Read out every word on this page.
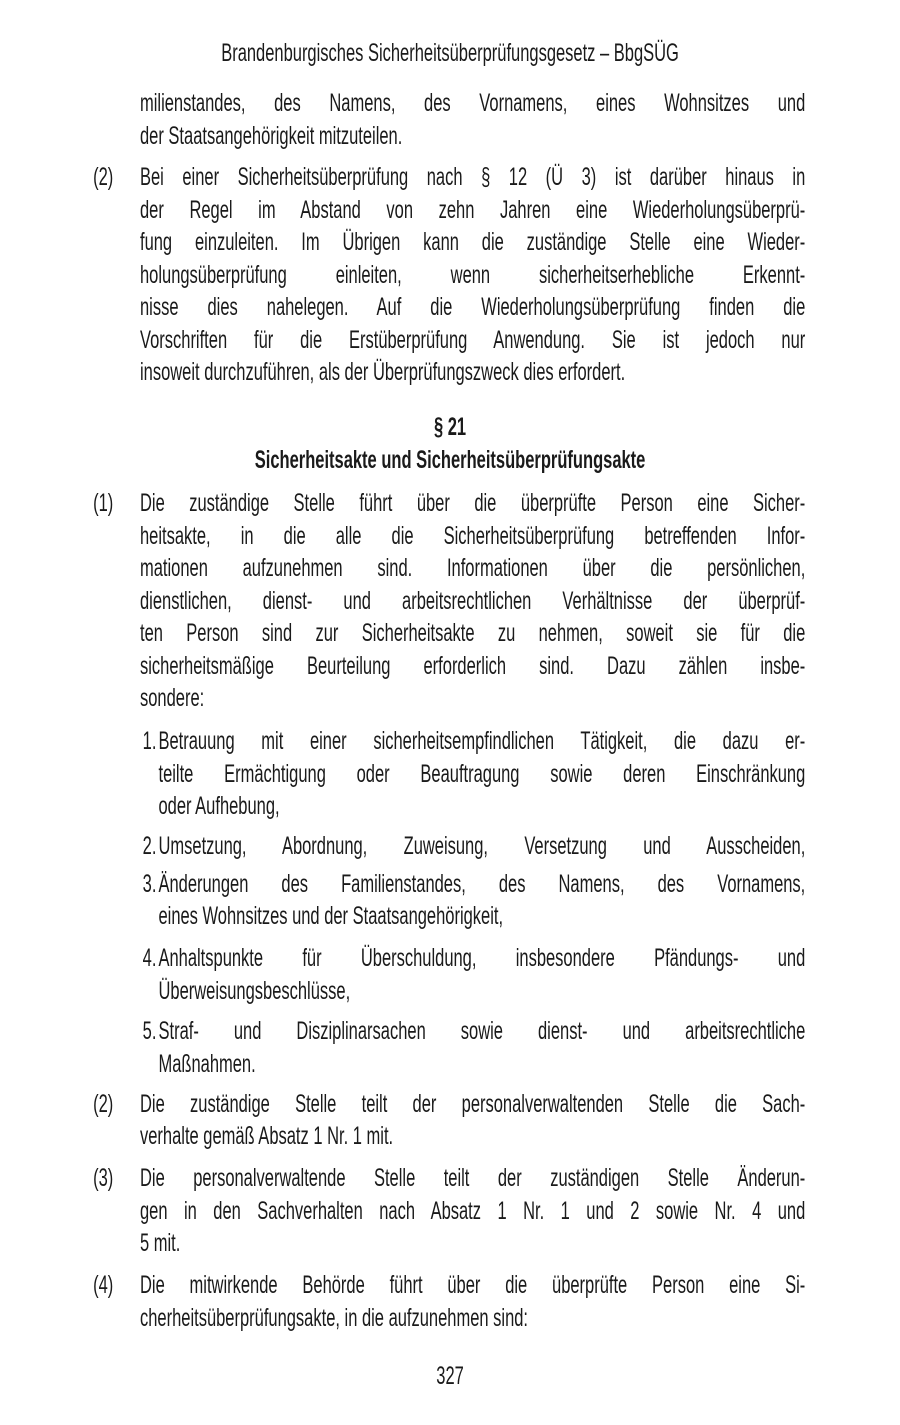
Brandenburgisches Sicherheitsüberprüfungsgesetz – BbgSÜG
milienstandes, des Namens, des Vornamens, eines Wohnsitzes und
der Staatsangehörigkeit mitzuteilen.
(2) Bei einer Sicherheitsüberprüfung nach § 12 (Ü 3) ist darüber hinaus in
der Regel im Abstand von zehn Jahren eine Wiederholungsüberprü-
fung einzuleiten. Im Übrigen kann die zuständige Stelle eine Wieder-
holungsüberprüfung einleiten, wenn sicherheitserhebliche Erkennt-
nisse dies nahelegen. Auf die Wiederholungsüberprüfung finden die
Vorschriften für die Erstüberprüfung Anwendung. Sie ist jedoch nur
insoweit durchzuführen, als der Überprüfungszweck dies erfordert.
§ 21
Sicherheitsakte und Sicherheitsüberprüfungsakte
(1) Die zuständige Stelle führt über die überprüfte Person eine Sicher-
heitsakte, in die alle die Sicherheitsüberprüfung betreffenden Infor-
mationen aufzunehmen sind. Informationen über die persönlichen,
dienstlichen, dienst- und arbeitsrechtlichen Verhältnisse der überprüf-
ten Person sind zur Sicherheitsakte zu nehmen, soweit sie für die
sicherheitsmäßige Beurteilung erforderlich sind. Dazu zählen insbe-
sondere:
1. Betrauung mit einer sicherheitsempfindlichen Tätigkeit, die dazu er-
teilte Ermächtigung oder Beauftragung sowie deren Einschränkung
oder Aufhebung,
2. Umsetzung, Abordnung, Zuweisung, Versetzung und Ausscheiden,
3. Änderungen des Familienstandes, des Namens, des Vornamens,
eines Wohnsitzes und der Staatsangehörigkeit,
4. Anhaltspunkte für Überschuldung, insbesondere Pfändungs- und
Überweisungsbeschlüsse,
5. Straf- und Disziplinarsachen sowie dienst- und arbeitsrechtliche
Maßnahmen.
(2) Die zuständige Stelle teilt der personalverwaltenden Stelle die Sach-
verhalte gemäß Absatz 1 Nr. 1 mit.
(3) Die personalverwaltende Stelle teilt der zuständigen Stelle Änderun-
gen in den Sachverhalten nach Absatz 1 Nr. 1 und 2 sowie Nr. 4 und
5 mit.
(4) Die mitwirkende Behörde führt über die überprüfte Person eine Si-
cherheitsüberprüfungsakte, in die aufzunehmen sind:
327
